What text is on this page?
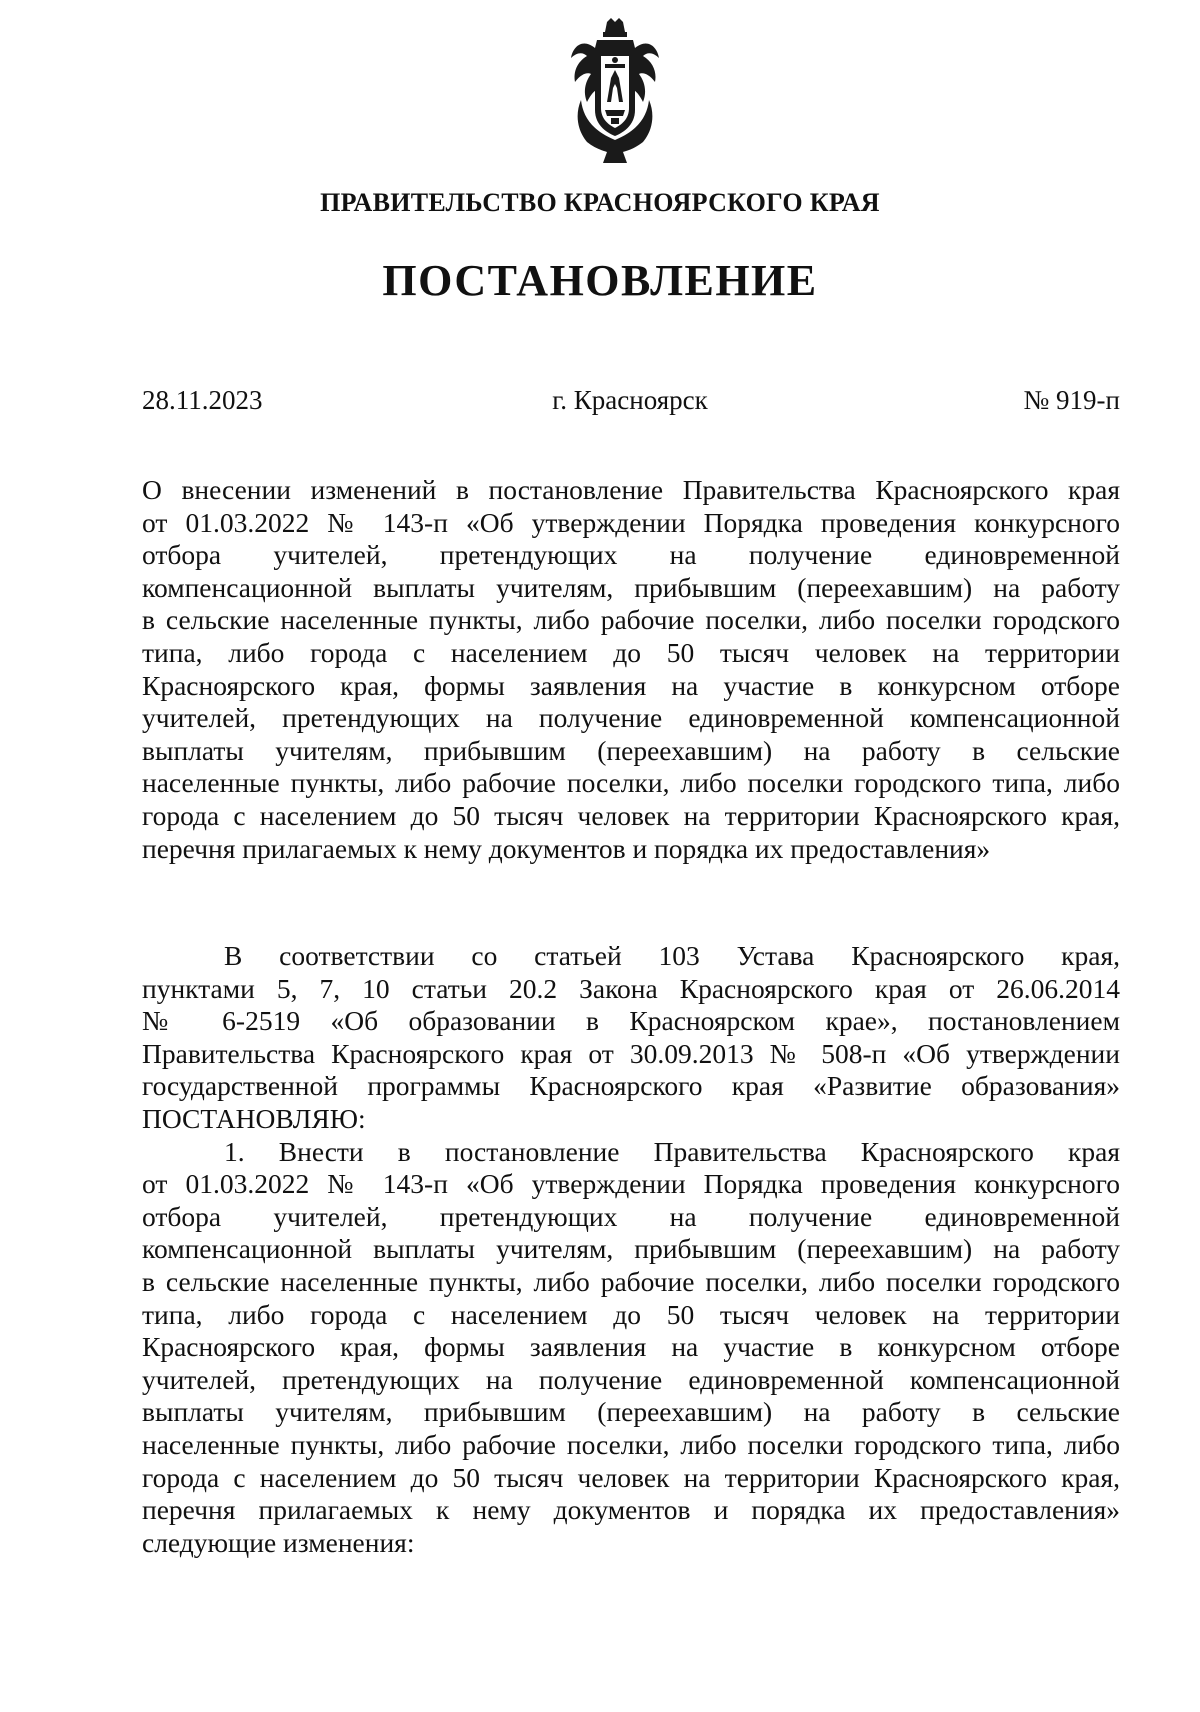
ПРАВИТЕЛЬСТВО КРАСНОЯРСКОГО КРАЯ
ПОСТАНОВЛЕНИЕ
28.11.2023	г. Красноярск	№ 919-п
О внесении изменений в постановление Правительства Красноярского края
от 01.03.2022 № 143-п «Об утверждении Порядка проведения конкурсного
отбора учителей, претендующих на получение единовременной
компенсационной выплаты учителям, прибывшим (переехавшим) на работу
в сельские населенные пункты, либо рабочие поселки, либо поселки городского
типа, либо города с населением до 50 тысяч человек на территории
Красноярского края, формы заявления на участие в конкурсном отборе
учителей, претендующих на получение единовременной компенсационной
выплаты учителям, прибывшим (переехавшим) на работу в сельские
населенные пункты, либо рабочие поселки, либо поселки городского типа, либо
города с населением до 50 тысяч человек на территории Красноярского края,
перечня прилагаемых к нему документов и порядка их предоставления»
В соответствии со статьей 103 Устава Красноярского края,
пунктами 5, 7, 10 статьи 20.2 Закона Красноярского края от 26.06.2014
№ 6-2519 «Об образовании в Красноярском крае», постановлением
Правительства Красноярского края от 30.09.2013 № 508-п «Об утверждении
государственной программы Красноярского края «Развитие образования»
ПОСТАНОВЛЯЮ:
1. Внести в постановление Правительства Красноярского края
от 01.03.2022 № 143-п «Об утверждении Порядка проведения конкурсного
отбора учителей, претендующих на получение единовременной
компенсационной выплаты учителям, прибывшим (переехавшим) на работу
в сельские населенные пункты, либо рабочие поселки, либо поселки городского
типа, либо города с населением до 50 тысяч человек на территории
Красноярского края, формы заявления на участие в конкурсном отборе
учителей, претендующих на получение единовременной компенсационной
выплаты учителям, прибывшим (переехавшим) на работу в сельские
населенные пункты, либо рабочие поселки, либо поселки городского типа, либо
города с населением до 50 тысяч человек на территории Красноярского края,
перечня прилагаемых к нему документов и порядка их предоставления»
следующие изменения:
